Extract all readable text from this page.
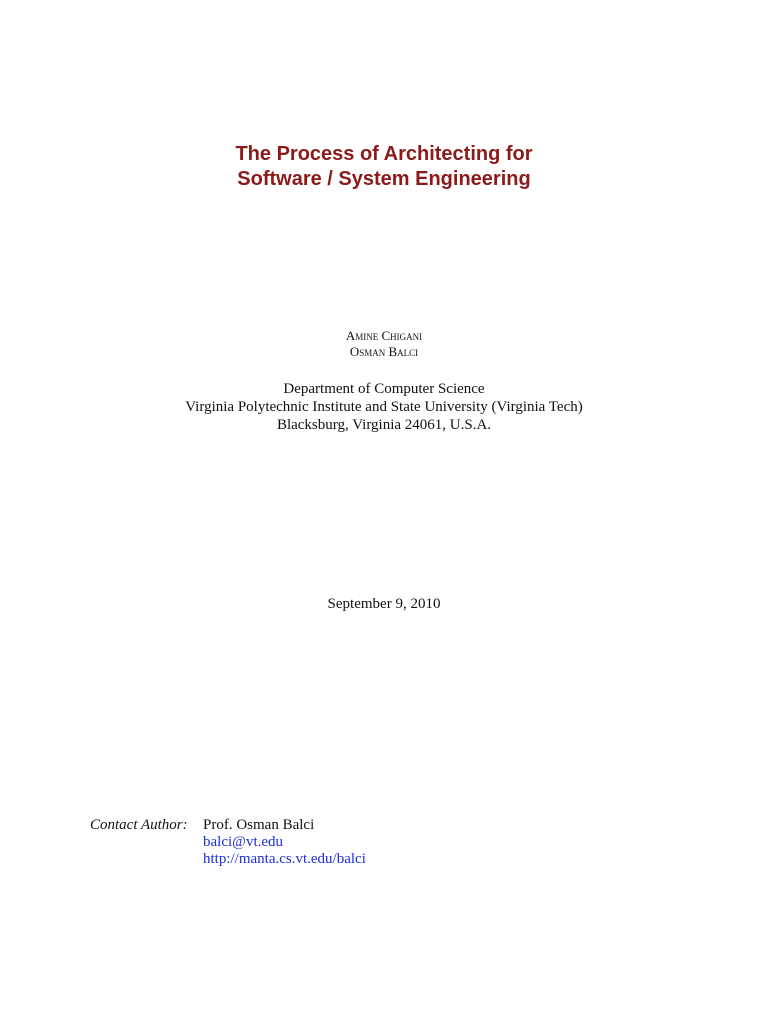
The Process of Architecting for
Software / System Engineering
Amine Chigani
Osman Balci
Department of Computer Science
Virginia Polytechnic Institute and State University (Virginia Tech)
Blacksburg, Virginia 24061, U.S.A.
September 9, 2010
Contact Author: Prof. Osman Balci
balci@vt.edu
http://manta.cs.vt.edu/balci
